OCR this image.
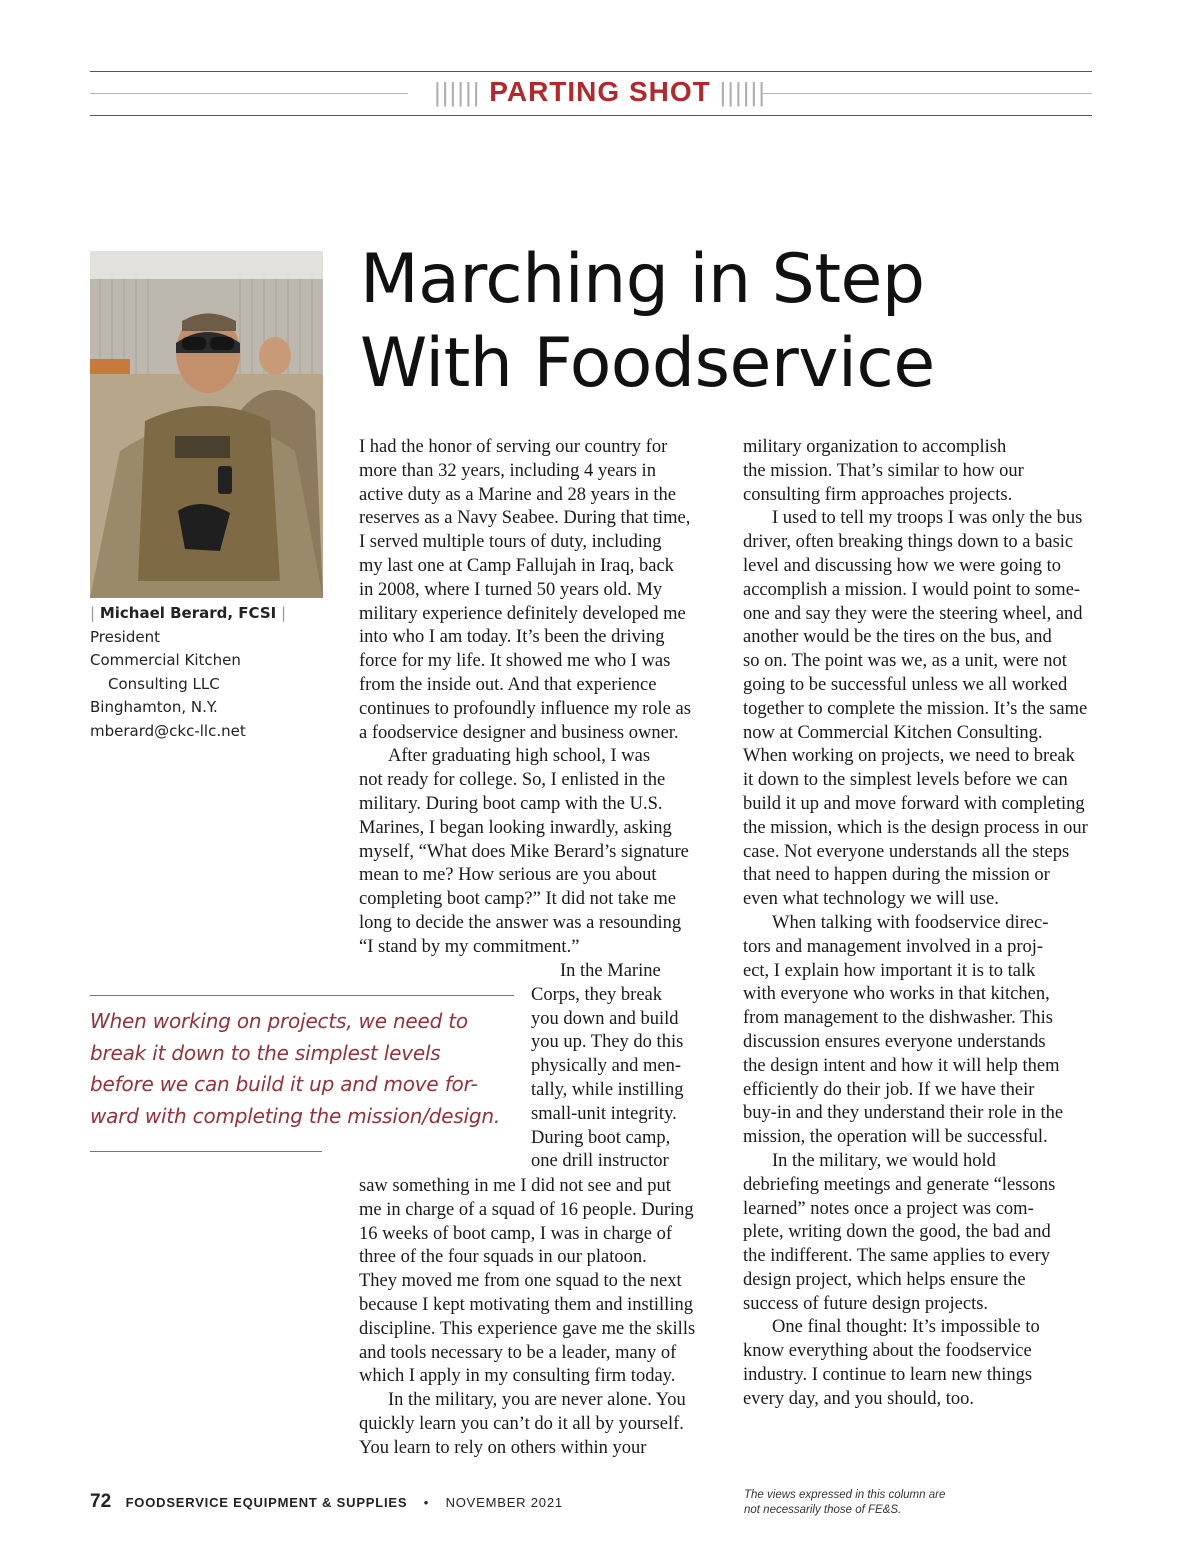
|||||| PARTING SHOT ||||||
| Michael Berard, FCSI |
President
Commercial Kitchen
Consulting LLC
Binghamton, N.Y.
mberard@ckc-llc.net
Marching in Step
With Foodservice

I had the honor of serving our country for
more than 32 years, including 4 years in
active duty as a Marine and 28 years in the
reserves as a Navy Seabee. During that time,
I served multiple tours of duty, including
my last one at Camp Fallujah in Iraq, back
in 2008, where I turned 50 years old. My
military experience definitely developed me
into who I am today. It’s been the driving
force for my life. It showed me who I was
from the inside out. And that experience
continues to profoundly influence my role as
a foodservice designer and business owner.

After graduating high school, I was
not ready for college. So, I enlisted in the
military. During boot camp with the U.S.
Marines, I began looking inwardly, asking
myself, “What does Mike Berard’s signature
mean to me? How serious are you about
completing boot camp?” It did not take me
long to decide the answer was a resounding
“I stand by my commitment.”

In the Marine
Corps, they break
you down and build
you up. They do this
physically and men-
tally, while instilling
small-unit integrity.
During boot camp,
one drill instructor

saw something in me I did not see and put
me in charge of a squad of 16 people. During
16 weeks of boot camp, I was in charge of
three of the four squads in our platoon.
They moved me from one squad to the next
because I kept motivating them and instilling
discipline. This experience gave me the skills
and tools necessary to be a leader, many of
which I apply in my consulting firm today.

In the military, you are never alone. You
quickly learn you can’t do it all by yourself.
You learn to rely on others within your

military organization to accomplish
the mission. That’s similar to how our
consulting firm approaches projects.

I used to tell my troops I was only the bus
driver, often breaking things down to a basic
level and discussing how we were going to
accomplish a mission. I would point to some-
one and say they were the steering wheel, and
another would be the tires on the bus, and
so on. The point was we, as a unit, were not
going to be successful unless we all worked
together to complete the mission. It’s the same
now at Commercial Kitchen Consulting.
When working on projects, we need to break
it down to the simplest levels before we can
build it up and move forward with completing
the mission, which is the design process in our
case. Not everyone understands all the steps
that need to happen during the mission or
even what technology we will use.

When talking with foodservice direc-
tors and management involved in a proj-
ect, I explain how important it is to talk
with everyone who works in that kitchen,
from management to the dishwasher. This
discussion ensures everyone understands
the design intent and how it will help them
efficiently do their job. If we have their
buy-in and they understand their role in the
mission, the operation will be successful.

In the military, we would hold
debriefing meetings and generate “lessons
learned” notes once a project was com-
plete, writing down the good, the bad and
the indifferent. The same applies to every
design project, which helps ensure the
success of future design projects.

One final thought: It’s impossible to
know everything about the foodservice
industry. I continue to learn new things
every day, and you should, too.

When working on projects, we need to
break it down to the simplest levels
before we can build it up and move for-
ward with completing the mission/design.
The views expressed in this column are
not necessarily those of FE&S.
72 FOODSERVICE EQUIPMENT & SUPPLIES • NOVEMBER 2021
